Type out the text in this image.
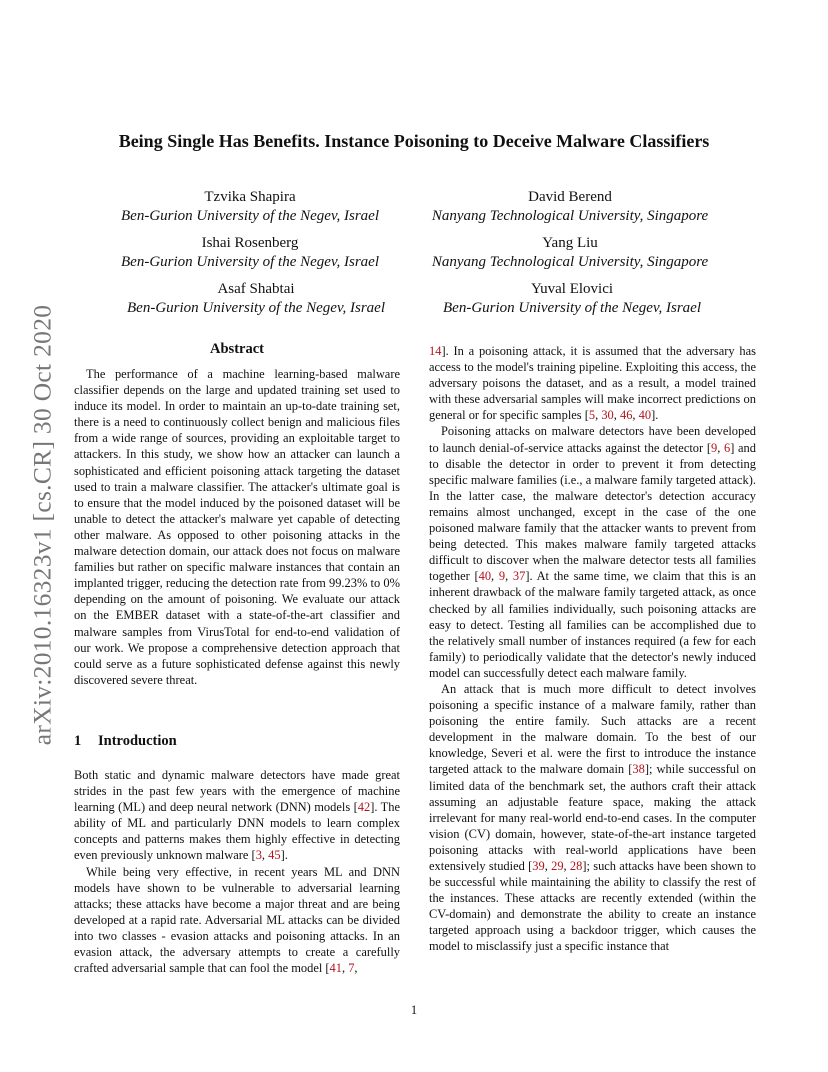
arXiv:2010.16323v1 [cs.CR] 30 Oct 2020
Being Single Has Benefits. Instance Poisoning to Deceive Malware Classifiers
Tzvika Shapira
Ben-Gurion University of the Negev, Israel
David Berend
Nanyang Technological University, Singapore
Ishai Rosenberg
Ben-Gurion University of the Negev, Israel
Yang Liu
Nanyang Technological University, Singapore
Asaf Shabtai
Ben-Gurion University of the Negev, Israel
Yuval Elovici
Ben-Gurion University of the Negev, Israel
Abstract

The performance of a machine learning-based malware classifier depends on the large and updated training set used to induce its model. In order to maintain an up-to-date training set, there is a need to continuously collect benign and malicious files from a wide range of sources, providing an exploitable target to attackers. In this study, we show how an attacker can launch a sophisticated and efficient poisoning attack targeting the dataset used to train a malware classifier. The attacker's ultimate goal is to ensure that the model induced by the poisoned dataset will be unable to detect the attacker's malware yet capable of detecting other malware. As opposed to other poisoning attacks in the malware detection domain, our attack does not focus on malware families but rather on specific malware instances that contain an implanted trigger, reducing the detection rate from 99.23% to 0% depending on the amount of poisoning. We evaluate our attack on the EMBER dataset with a state-of-the-art classifier and malware samples from VirusTotal for end-to-end validation of our work. We propose a comprehensive detection approach that could serve as a future sophisticated defense against this newly discovered severe threat.

1 Introduction

Both static and dynamic malware detectors have made great strides in the past few years with the emergence of machine learning (ML) and deep neural network (DNN) models [42]. The ability of ML and particularly DNN models to learn complex concepts and patterns makes them highly effective in detecting even previously unknown malware [3, 45].

While being very effective, in recent years ML and DNN models have shown to be vulnerable to adversarial learning attacks; these attacks have become a major threat and are being developed at a rapid rate. Adversarial ML attacks can be divided into two classes - evasion attacks and poisoning attacks. In an evasion attack, the adversary attempts to create a carefully crafted adversarial sample that can fool the model [41, 7,

14]. In a poisoning attack, it is assumed that the adversary has access to the model's training pipeline. Exploiting this access, the adversary poisons the dataset, and as a result, a model trained with these adversarial samples will make incorrect predictions on general or for specific samples [5, 30, 46, 40].

Poisoning attacks on malware detectors have been developed to launch denial-of-service attacks against the detector [9, 6] and to disable the detector in order to prevent it from detecting specific malware families (i.e., a malware family targeted attack). In the latter case, the malware detector's detection accuracy remains almost unchanged, except in the case of the one poisoned malware family that the attacker wants to prevent from being detected. This makes malware family targeted attacks difficult to discover when the malware detector tests all families together [40, 9, 37]. At the same time, we claim that this is an inherent drawback of the malware family targeted attack, as once checked by all families individually, such poisoning attacks are easy to detect. Testing all families can be accomplished due to the relatively small number of instances required (a few for each family) to periodically validate that the detector's newly induced model can successfully detect each malware family.

An attack that is much more difficult to detect involves poisoning a specific instance of a malware family, rather than poisoning the entire family. Such attacks are a recent development in the malware domain. To the best of our knowledge, Severi et al. were the first to introduce the instance targeted attack to the malware domain [38]; while successful on limited data of the benchmark set, the authors craft their attack assuming an adjustable feature space, making the attack irrelevant for many real-world end-to-end cases. In the computer vision (CV) domain, however, state-of-the-art instance targeted poisoning attacks with real-world applications have been extensively studied [39, 29, 28]; such attacks have been shown to be successful while maintaining the ability to classify the rest of the instances. These attacks are recently extended (within the CV-domain) and demonstrate the ability to create an instance targeted approach using a backdoor trigger, which causes the model to misclassify just a specific instance that

1
